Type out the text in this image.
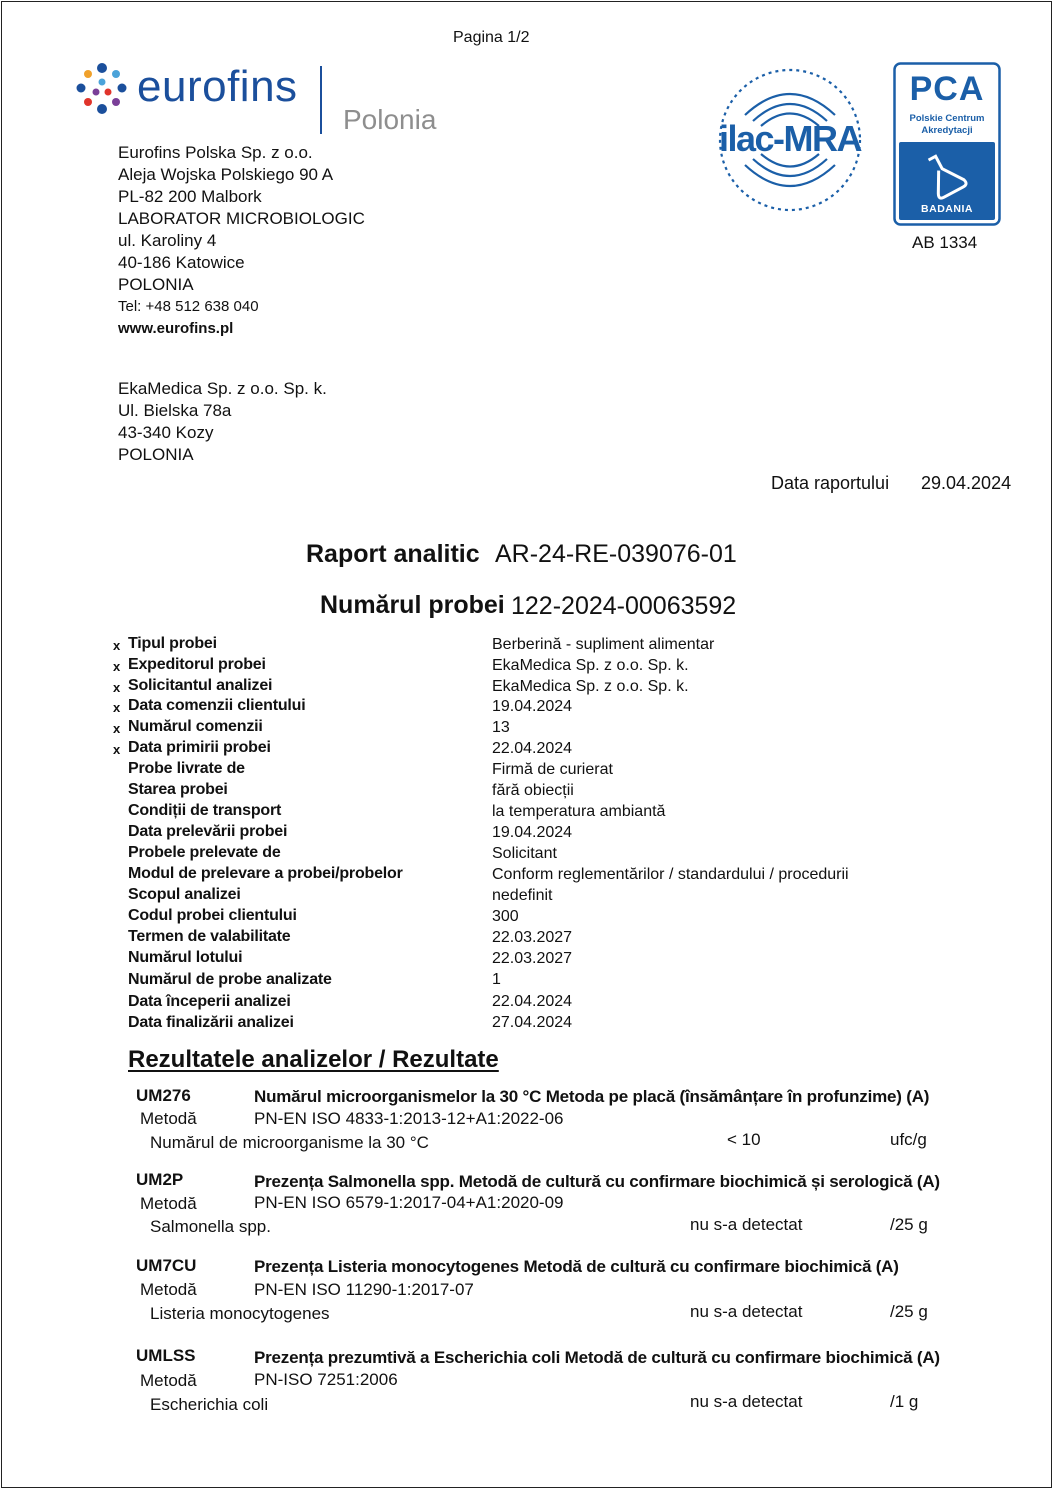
Pagina 1/2
eurofins
Polonia
Eurofins Polska Sp. z o.o.
Aleja Wojska Polskiego 90 A
PL-82 200 Malbork
LABORATOR MICROBIOLOGIC
ul. Karoliny 4
40-186 Katowice
POLONIA
Tel: +48 512 638 040
www.eurofins.pl
ilac-MRA
PCA
Polskie Centrum
Akredytacji
BADANIA
AB 1334
EkaMedica Sp. z o.o. Sp. k.
Ul. Bielska 78a
43-340 Kozy
POLONIA
Data raportului 29.04.2024
Raport analitic AR-24-RE-039076-01
Numărul probei 122-2024-00063592
x Tipul probei	Berberină - supliment alimentar
x Expeditorul probei	EkaMedica Sp. z o.o. Sp. k.
x Solicitantul analizei	EkaMedica Sp. z o.o. Sp. k.
x Data comenzii clientului	19.04.2024
x Numărul comenzii	13
x Data primirii probei	22.04.2024
Probe livrate de	Firmă de curierat
Starea probei	fără obiecții
Condiții de transport	la temperatura ambiantă
Data prelevării probei	19.04.2024
Probele prelevate de	Solicitant
Modul de prelevare a probei/probelor	Conform reglementărilor / standardului / procedurii
Scopul analizei	nedefinit
Codul probei clientului	300
Termen de valabilitate	22.03.2027
Numărul lotului	22.03.2027
Numărul de probe analizate	1
Data începerii analizei	22.04.2024
Data finalizării analizei	27.04.2024
Rezultatele analizelor / Rezultate
UM276	Numărul microorganismelor la 30 °C Metoda pe placă (însămânțare în profunzime) (A)
Metodă	PN-EN ISO 4833-1:2013-12+A1:2022-06
Numărul de microorganisme la 30 °C	< 10	ufc/g
UM2P	Prezența Salmonella spp. Metodă de cultură cu confirmare biochimică și serologică (A)
Metodă	PN-EN ISO 6579-1:2017-04+A1:2020-09
Salmonella spp.	nu s-a detectat	/25 g
UM7CU	Prezența Listeria monocytogenes Metodă de cultură cu confirmare biochimică (A)
Metodă	PN-EN ISO 11290-1:2017-07
Listeria monocytogenes	nu s-a detectat	/25 g
UMLSS	Prezența prezumtivă a Escherichia coli Metodă de cultură cu confirmare biochimică (A)
Metodă	PN-ISO 7251:2006
Escherichia coli	nu s-a detectat	/1 g
